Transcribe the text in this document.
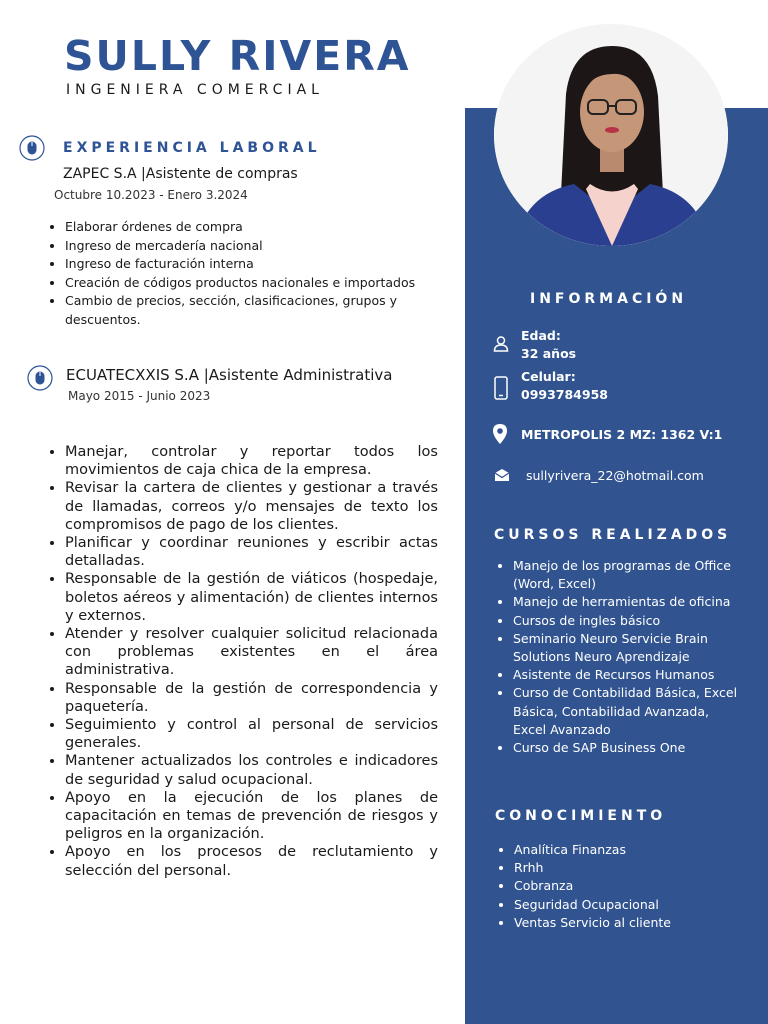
SULLY RIVERA
INGENIERA COMERCIAL
EXPERIENCIA LABORAL
ZAPEC S.A |Asistente de compras
Octubre 10.2023 - Enero 3.2024
• Elaborar órdenes de compra
• Ingreso de mercadería nacional
• Ingreso de facturación interna
• Creación de códigos productos nacionales e importados
• Cambio de precios, sección, clasificaciones, grupos y descuentos.
ECUATECXXIS S.A |Asistente Administrativa
Mayo 2015 - Junio 2023
• Manejar, controlar y reportar todos los movimientos de caja chica de la empresa.
• Revisar la cartera de clientes y gestionar a través de llamadas, correos y/o mensajes de texto los compromisos de pago de los clientes.
• Planificar y coordinar reuniones y escribir actas detalladas.
• Responsable de la gestión de viáticos (hospedaje, boletos aéreos y alimentación) de clientes internos y externos.
• Atender y resolver cualquier solicitud relacionada con problemas existentes en el área administrativa.
• Responsable de la gestión de correspondencia y paquetería.
• Seguimiento y control al personal de servicios generales.
• Mantener actualizados los controles e indicadores de seguridad y salud ocupacional.
• Apoyo en la ejecución de los planes de capacitación en temas de prevención de riesgos y peligros en la organización.
• Apoyo en los procesos de reclutamiento y selección del personal.
INFORMACIÓN
Edad:
32 años
Celular:
0993784958
METROPOLIS 2 MZ: 1362 V:1
sullyrivera_22@hotmail.com
CURSOS REALIZADOS
• Manejo de los programas de Office (Word, Excel)
• Manejo de herramientas de oficina
• Cursos de ingles básico
• Seminario Neuro Servicie Brain Solutions Neuro Aprendizaje
• Asistente de Recursos Humanos
• Curso de Contabilidad Básica, Excel Básica, Contabilidad Avanzada, Excel Avanzado
• Curso de SAP Business One
CONOCIMIENTO
• Analítica Finanzas
• Rrhh
• Cobranza
• Seguridad Ocupacional
• Ventas Servicio al cliente
